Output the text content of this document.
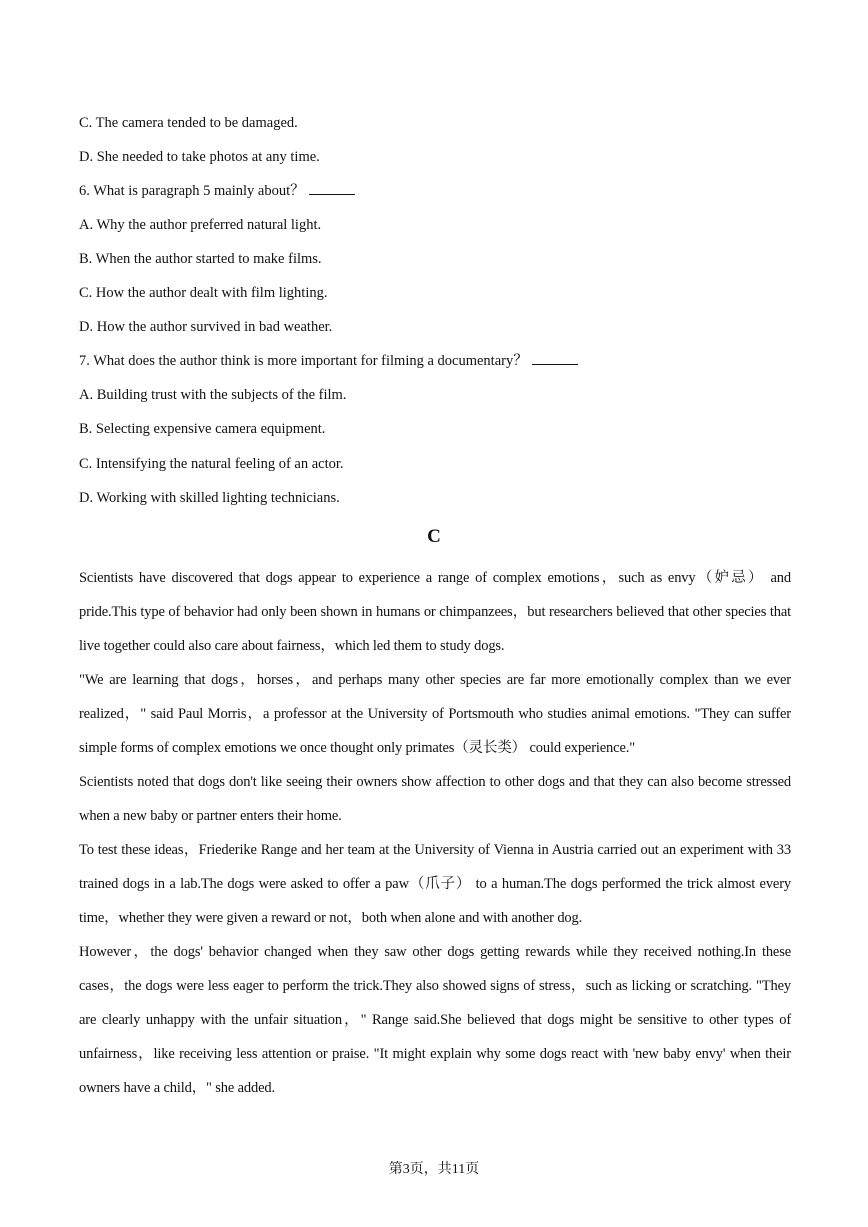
C. The camera tended to be damaged.
D. She needed to take photos at any time.
6. What is paragraph 5 mainly about？
A. Why the author preferred natural light.
B. When the author started to make films.
C. How the author dealt with film lighting.
D. How the author survived in bad weather.
7. What does the author think is more important for filming a documentary？
A. Building trust with the subjects of the film.
B. Selecting expensive camera equipment.
C. Intensifying the natural feeling of an actor.
D. Working with skilled lighting technicians.
C
Scientists have discovered that dogs appear to experience a range of complex emotions，such as envy（妒忌） and pride.This type of behavior had only been shown in humans or chimpanzees，but researchers believed that other species that live together could also care about fairness，which led them to study dogs.
"We are learning that dogs，horses，and perhaps many other species are far more emotionally complex than we ever realized，" said Paul Morris，a professor at the University of Portsmouth who studies animal emotions. "They can suffer simple forms of complex emotions we once thought only primates（灵长类） could experience."
Scientists noted that dogs don't like seeing their owners show affection to other dogs and that they can also become stressed when a new baby or partner enters their home.
To test these ideas，Friederike Range and her team at the University of Vienna in Austria carried out an experiment with 33 trained dogs in a lab.The dogs were asked to offer a paw（爪子） to a human.The dogs performed the trick almost every time，whether they were given a reward or not，both when alone and with another dog.
However，the dogs' behavior changed when they saw other dogs getting rewards while they received nothing.In these cases，the dogs were less eager to perform the trick.They also showed signs of stress，such as licking or scratching. "They are clearly unhappy with the unfair situation，" Range said.She believed that dogs might be sensitive to other types of unfairness，like receiving less attention or praise. "It might explain why some dogs react with 'new baby envy' when their owners have a child，" she added.
第3页，共11页
